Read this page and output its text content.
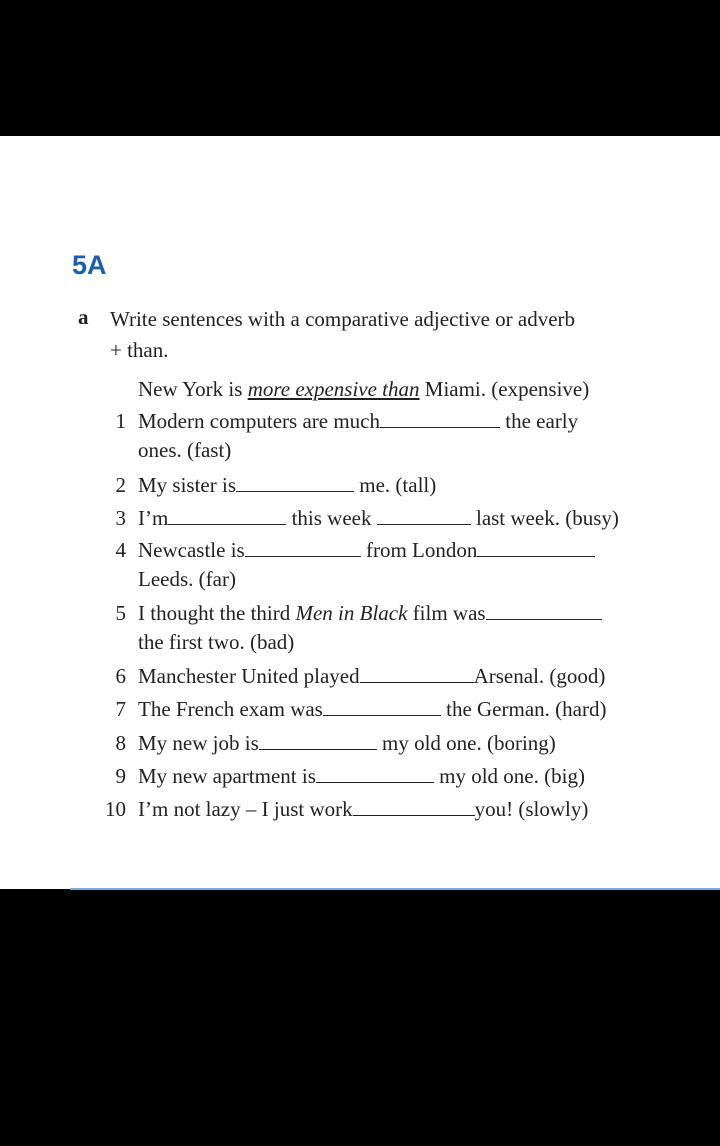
5A
a Write sentences with a comparative adjective or adverb
+ than.
New York is more expensive than Miami. (expensive)
1 Modern computers are much	the early
ones. (fast)
2 My sister is	me. (tall)
3 I’m	this week	last week. (busy)
4 Newcastle is	from London
Leeds. (far)
5 I thought the third Men in Black film was
the first two. (bad)
6 Manchester United played	Arsenal. (good)
7 The French exam was	the German. (hard)
8 My new job is	my old one. (boring)
9 My new apartment is	my old one. (big)
10 I’m not lazy – I just work	you! (slowly)
